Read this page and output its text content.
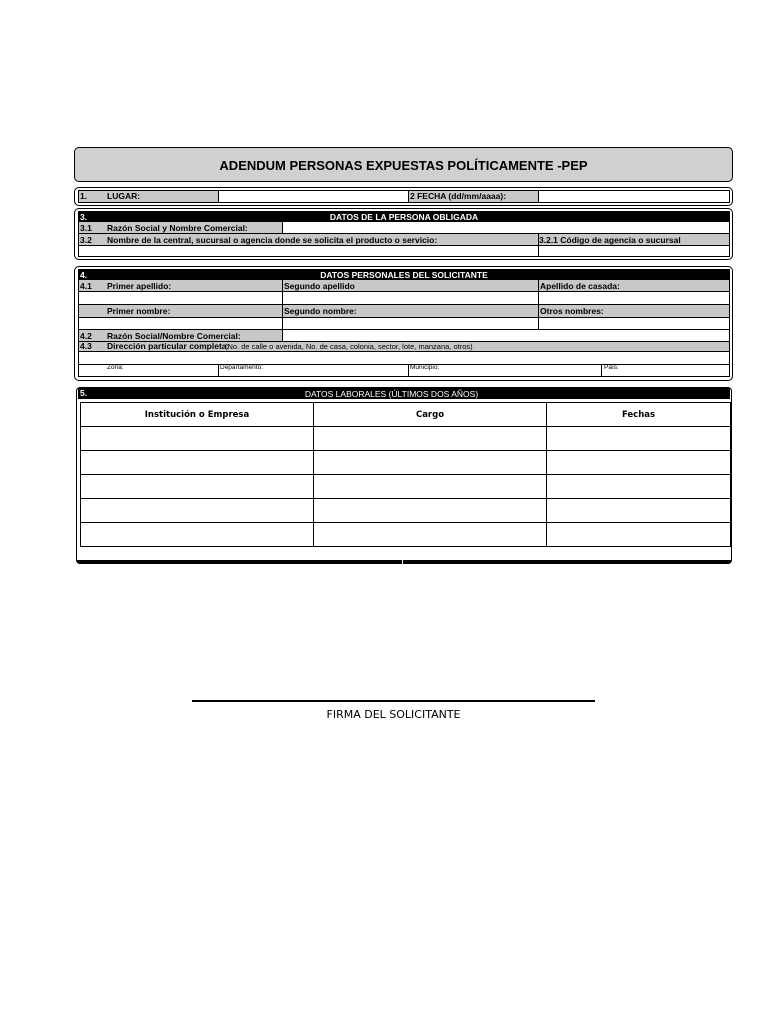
ADENDUM PERSONAS EXPUESTAS POLÍTICAMENTE -PEP
1. LUGAR:	2 FECHA (dd/mm/aaaa):
3.	DATOS DE LA PERSONA OBLIGADA
3.1 Razón Social y Nombre Comercial:
3.2 Nombre de la central, sucursal o agencia donde se solicita el producto o servicio:	3.2.1 Código de agencia o sucursal
4.	DATOS PERSONALES DEL SOLICITANTE
4.1 Primer apellido:	Segundo apellido	Apellido de casada:
Primer nombre:	Segundo nombre:	Otros nombres:
4.2 Razón Social/Nombre Comercial:
4.3 Dirección particular completa:
(No. de calle o avenida, No. de casa, colonia, sector, lote, manzana, otros)
Zona:	Departamento:	Municipio:	País:
5.	DATOS LABORALES (ÚLTIMOS DOS AÑOS)
Institución o Empresa	Cargo	Fechas

FIRMA DEL SOLICITANTE
